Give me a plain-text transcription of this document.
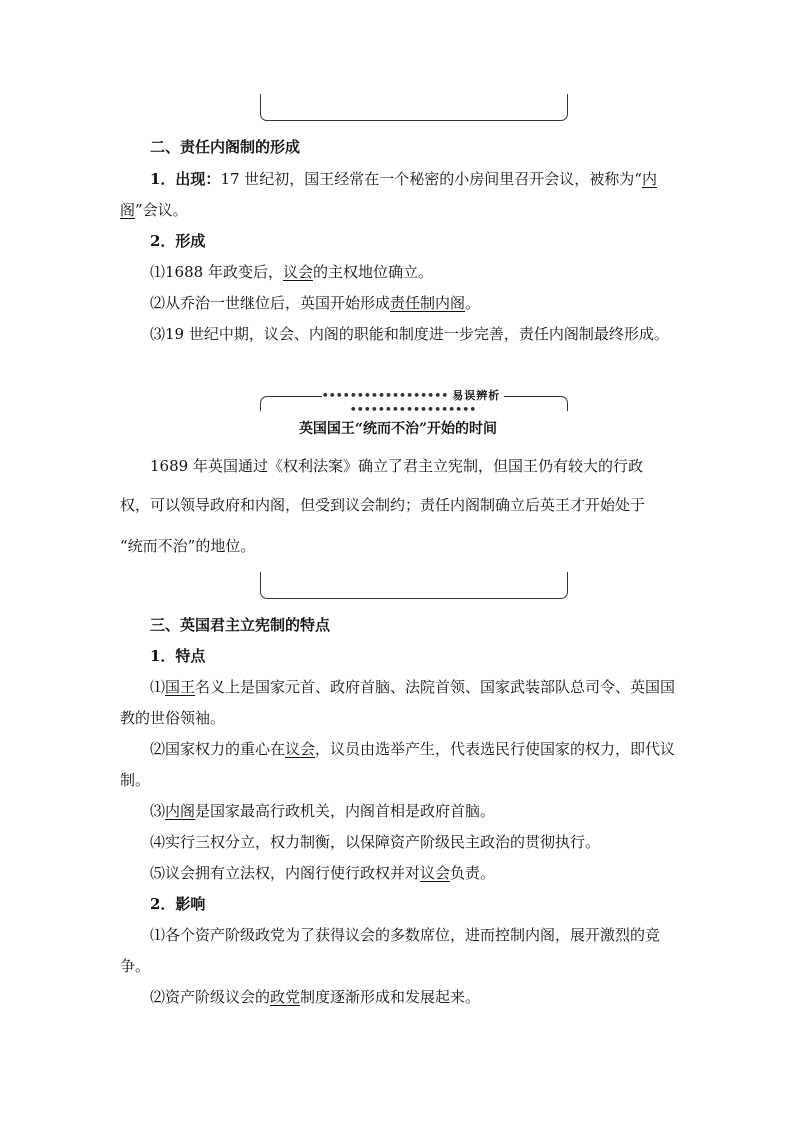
二、责任内阁制的形成

1．出现：17 世纪初，国王经常在一个秘密的小房间里召开会议，被称为“内阁”会议。

2．形成

⑴1688 年政变后，议会的主权地位确立。

⑵从乔治一世继位后，英国开始形成责任制内阁。

⑶19 世纪中期，议会、内阁的职能和制度进一步完善，责任内阁制最终形成。

•••••••••••••••••• 易误辨析••••••••••••••••••
英国国王“统而不治”开始的时间

1689 年英国通过《权利法案》确立了君主立宪制，但国王仍有较大的行政

权，可以领导政府和内阁，但受到议会制约；责任内阁制确立后英王才开始处于

“统而不治”的地位。

三、英国君主立宪制的特点

1．特点

⑴国王名义上是国家元首、政府首脑、法院首领、国家武装部队总司令、英国国教的世俗领袖。

⑵国家权力的重心在议会，议员由选举产生，代表选民行使国家的权力，即代议制。

⑶内阁是国家最高行政机关，内阁首相是政府首脑。

⑷实行三权分立，权力制衡，以保障资产阶级民主政治的贯彻执行。

⑸议会拥有立法权，内阁行使行政权并对议会负责。

2．影响

⑴各个资产阶级政党为了获得议会的多数席位，进而控制内阁，展开激烈的竞争。

⑵资产阶级议会的政党制度逐渐形成和发展起来。
